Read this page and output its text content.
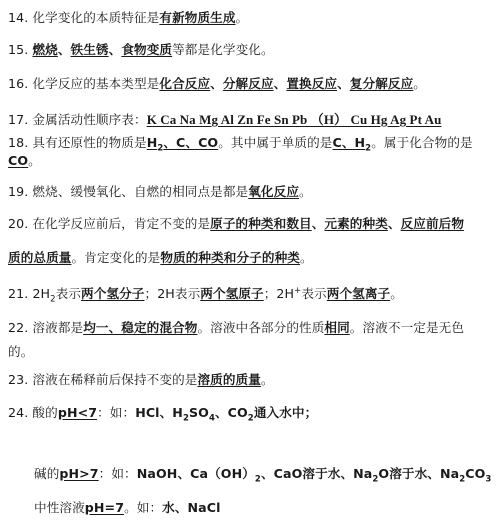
14. 化学变化的本质特征是有新物质生成。
15. 燃烧、铁生锈、食物变质等都是化学变化。
16. 化学反应的基本类型是化合反应、分解反应、置换反应、复分解反应。
17. 金属活动性顺序表：K Ca Na Mg Al Zn Fe Sn Pb （H） Cu Hg Ag Pt Au
18. 具有还原性的物质是$H_2$、C、CO。其中属于单质的是C、$H_2$。属于化合物的是
CO。
19. 燃烧、缓慢氧化、自燃的相同点是都是氧化反应。
20. 在化学反应前后，肯定不变的是原子的种类和数目、元素的种类、反应前后物
质的总质量。肯定变化的是物质的种类和分子的种类。
21. $2H_2$表示两个氢分子；2H表示两个氢原子；2H+表示两个氢离子。
22. 溶液都是均一、稳定的混合物。溶液中各部分的性质相同。溶液不一定是无色
的。
23. 溶液在稀释前后保持不变的是溶质的质量。
24. 酸的pH<7：如：HCl、$H_2SO_4$、$CO_2$通入水中；
碱的pH>7：如：NaOH、$Ca(OH)_2$、CaO溶于水、$Na_2O$溶于水、$Na_2CO_3$
中性溶液pH=7。如：水、NaCl
